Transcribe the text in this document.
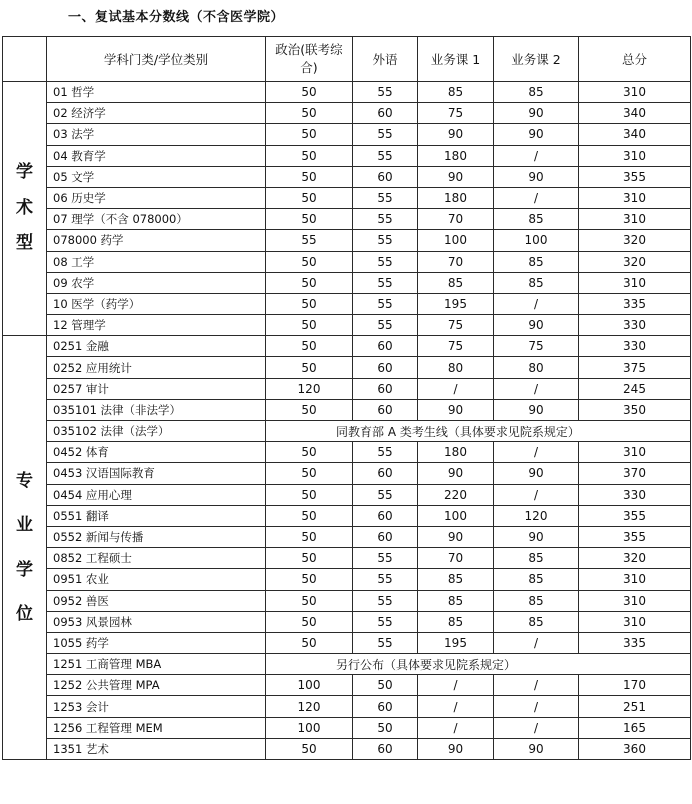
一、复试基本分数线（不含医学院）
	学科门类/学位类别	政治(联考综合)	外语	业务课 1	业务课 2	总分

学
术
型	01 哲学	50	55	85	85	310
	02 经济学	50	60	75	90	340
	03 法学	50	55	90	90	340
	04 教育学	50	55	180	/	310
	05 文学	50	60	90	90	355
	06 历史学	50	55	180	/	310
	07 理学（不含 078000）	50	55	70	85	310
	078000 药学	55	55	100	100	320
	08 工学	50	55	70	85	320
	09 农学	50	55	85	85	310
	10 医学（药学）	50	55	195	/	335
	12 管理学	50	55	75	90	330

专
业
学
位	0251 金融	50	60	75	75	330
	0252 应用统计	50	60	80	80	375
	0257 审计	120	60	/	/	245
	035101 法律（非法学）	50	60	90	90	350
	035102 法律（法学）	同教育部 A 类考生线（具体要求见院系规定）				
	0452 体育	50	55	180	/	310
	0453 汉语国际教育	50	60	90	90	370
	0454 应用心理	50	55	220	/	330
	0551 翻译	50	60	100	120	355
	0552 新闻与传播	50	60	90	90	355
	0852 工程硕士	50	55	70	85	320
	0951 农业	50	55	85	85	310
	0952 兽医	50	55	85	85	310
	0953 风景园林	50	55	85	85	310
	1055 药学	50	55	195	/	335
	1251 工商管理 MBA	另行公布（具体要求见院系规定）				
	1252 公共管理 MPA	100	50	/	/	170
	1253 会计	120	60	/	/	251
	1256 工程管理 MEM	100	50	/	/	165
	1351 艺术	50	60	90	90	360
